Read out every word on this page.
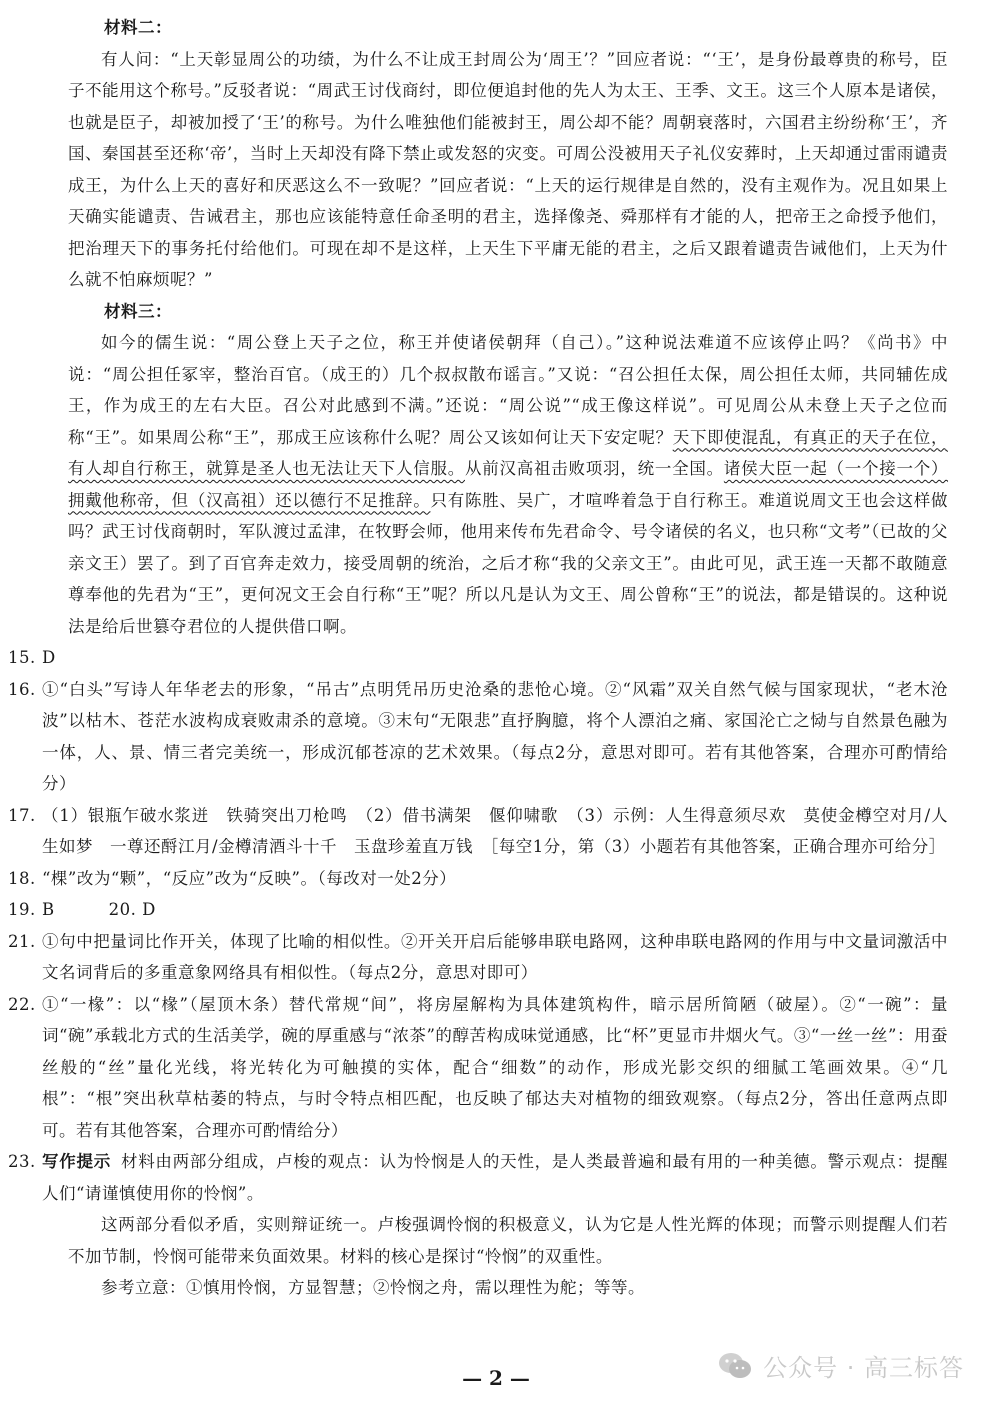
材料二：

有人问：“上天彰显周公的功绩，为什么不让成王封周公为‘周王’？”回应者说：“‘王’，是身份最尊贵的称号，臣子不能用这个称号。”反驳者说：“周武王讨伐商纣，即位便追封他的先人为太王、王季、文王。这三个人原本是诸侯，也就是臣子，却被加授了‘王’的称号。为什么唯独他们能被封王，周公却不能？周朝衰落时，六国君主纷纷称‘王’，齐国、秦国甚至还称‘帝’，当时上天却没有降下禁止或发怒的灾变。可周公没被用天子礼仪安葬时，上天却通过雷雨谴责成王，为什么上天的喜好和厌恶这么不一致呢？”回应者说：“上天的运行规律是自然的，没有主观作为。况且如果上天确实能谴责、告诫君主，那也应该能特意任命圣明的君主，选择像尧、舜那样有才能的人，把帝王之命授予他们，把治理天下的事务托付给他们。可现在却不是这样，上天生下平庸无能的君主，之后又跟着谴责告诫他们，上天为什么就不怕麻烦呢？”

材料三：

如今的儒生说：“周公登上天子之位，称王并使诸侯朝拜（自己）。”这种说法难道不应该停止吗？《尚书》中说：“周公担任冢宰，整治百官。（成王的）几个叔叔散布谣言。”又说：“召公担任太保，周公担任太师，共同辅佐成王，作为成王的左右大臣。召公对此感到不满。”还说：“周公说”“成王像这样说”。可见周公从未登上天子之位而称“王”。如果周公称“王”，那成王应该称什么呢？周公又该如何让天下安定呢？天下即使混乱，有真正的天子在位，有人却自行称王，就算是圣人也无法让天下人信服。从前汉高祖击败项羽，统一全国。诸侯大臣一起（一个接一个）拥戴他称帝，但（汉高祖）还以德行不足推辞。只有陈胜、吴广，才喧哗着急于自行称王。难道说周文王也会这样做吗？武王讨伐商朝时，军队渡过孟津，在牧野会师，他用来传布先君命令、号令诸侯的名义，也只称“文考”（已故的父亲文王）罢了。到了百官奔走效力，接受周朝的统治，之后才称“我的父亲文王”。由此可见，武王连一天都不敢随意尊奉他的先君为“王”，更何况文王会自行称“王”呢？所以凡是认为文王、周公曾称“王”的说法，都是错误的。这种说法是给后世篡夺君位的人提供借口啊。

15. D
16. ①“白头”写诗人年华老去的形象，“吊古”点明凭吊历史沧桑的悲怆心境。②“风霜”双关自然气候与国家现状，“老木沧波”以枯木、苍茫水波构成衰败肃杀的意境。③末句“无限悲”直抒胸臆，将个人漂泊之痛、家国沦亡之恸与自然景色融为一体，人、景、情三者完美统一，形成沉郁苍凉的艺术效果。（每点2分，意思对即可。若有其他答案，合理亦可酌情给分）
17. （1）银瓶乍破水浆迸　铁骑突出刀枪鸣　（2）借书满架　偃仰啸歌　（3）示例：人生得意须尽欢　莫使金樽空对月/人生如梦　一尊还酹江月/金樽清酒斗十千　玉盘珍羞直万钱　［每空1分，第（3）小题若有其他答案，正确合理亦可给分］
18. “棵”改为“颗”，“反应”改为“反映”。（每改对一处2分）
19. B	20. D
21. ①句中把量词比作开关，体现了比喻的相似性。②开关开启后能够串联电路网，这种串联电路网的作用与中文量词激活中文名词背后的多重意象网络具有相似性。（每点2分，意思对即可）
22. ①“一椽”：以“椽”（屋顶木条）替代常规“间”，将房屋解构为具体建筑构件，暗示居所简陋（破屋）。②“一碗”：量词“碗”承载北方式的生活美学，碗的厚重感与“浓茶”的醇苦构成味觉通感，比“杯”更显市井烟火气。③“一丝一丝”：用蚕丝般的“丝”量化光线，将光转化为可触摸的实体，配合“细数”的动作，形成光影交织的细腻工笔画效果。④“几根”：“根”突出秋草枯萎的特点，与时令特点相匹配，也反映了郁达夫对植物的细致观察。（每点2分，答出任意两点即可。若有其他答案，合理亦可酌情给分）
23. 写作提示 材料由两部分组成，卢梭的观点：认为怜悯是人的天性，是人类最普遍和最有用的一种美德。警示观点：提醒人们“请谨慎使用你的怜悯”。

这两部分看似矛盾，实则辩证统一。卢梭强调怜悯的积极意义，认为它是人性光辉的体现；而警示则提醒人们若不加节制，怜悯可能带来负面效果。材料的核心是探讨“怜悯”的双重性。

参考立意：①慎用怜悯，方显智慧；②怜悯之舟，需以理性为舵；等等。

公众号 · 高三标答
— 2 —
